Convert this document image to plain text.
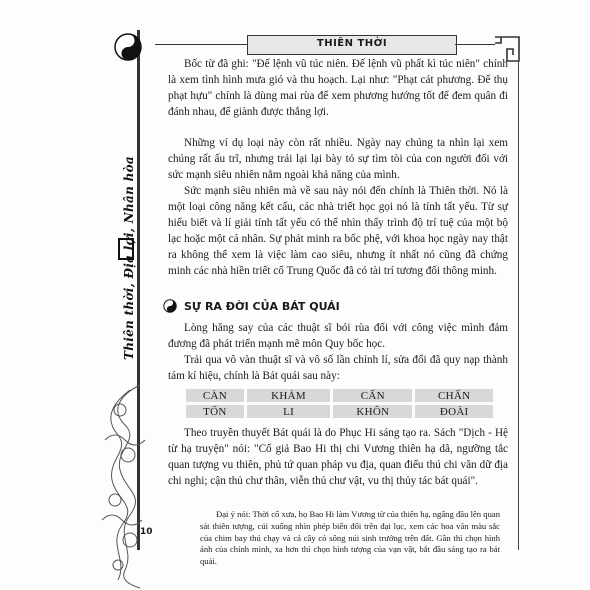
Thiên thời, Địa lợi, Nhân hòa
THIÊN THỜI
Bốc từ đã ghi: "Đế lệnh vũ túc niên. Đế lệnh vũ phất kì túc niên" chính là xem tình hình mưa gió và thu hoạch. Lại như: "Phạt cát phương. Đế thụ phạt hựu" chính là dùng mai rùa để xem phương hướng tốt để đem quân đi đánh nhau, để giành được thắng lợi.
Những ví dụ loại này còn rất nhiều. Ngày nay chúng ta nhìn lại xem chúng rất ấu trĩ, nhưng trái lại lại bày tỏ sự tìm tòi của con người đối với sức mạnh siêu nhiên nằm ngoài khả năng của mình.
Sức mạnh siêu nhiên mà về sau này nói đến chính là Thiên thời. Nó là một loại công năng kết cấu, các nhà triết học gọi nó là tính tất yếu. Từ sự hiểu biết và lí giải tính tất yếu có thể nhìn thấy trình độ trí tuệ của một bộ lạc hoặc một cá nhân. Sự phát minh ra bốc phệ, với khoa học ngày nay thật ra không thể xem là việc làm cao siêu, nhưng ít nhất nó cũng đã chứng minh các nhà hiền triết cổ Trung Quốc đã có tài trí tương đối thông minh.
SỰ RA ĐỜI CỦA BÁT QUÁI
Lòng hăng say của các thuật sĩ bói rùa đối với công việc mình đảm đương đã phát triển mạnh mẽ môn Quy bốc học.
Trải qua vô vàn thuật sĩ và vô số lần chỉnh lí, sửa đổi đã quy nạp thành tám kí hiệu, chính là Bát quái sau này:
CÀN	KHẢM	CẤN	CHẤN
TỐN	LI	KHÔN	ĐOÀI
Theo truyền thuyết Bát quái là do Phục Hi sáng tạo ra. Sách "Dịch - Hệ từ hạ truyện" nói: "Cổ giả Bao Hi thị chi Vương thiên hạ dã, ngưỡng tắc quan tượng vu thiên, phủ tứ quan pháp vu địa, quan điểu thú chi văn dữ địa chi nghi; cận thủ chư thân, viễn thủ chư vật, vu thị thủy tác bát quái".
Đại ý nói: Thời cổ xưa, họ Bao Hi làm Vương từ của thiên hạ, ngẩng đầu lên quan sát thiên tượng, cúi xuống nhìn phép biến đổi trên đại lục, xem các hoa văn màu sắc của chim bay thú chạy và cả cây cỏ sông núi sinh trưởng trên đất. Gần thì chọn hình ảnh của chính mình, xa hơn thì chọn hình tượng của vạn vật, bắt đầu sáng tạo ra bát quái.
10
